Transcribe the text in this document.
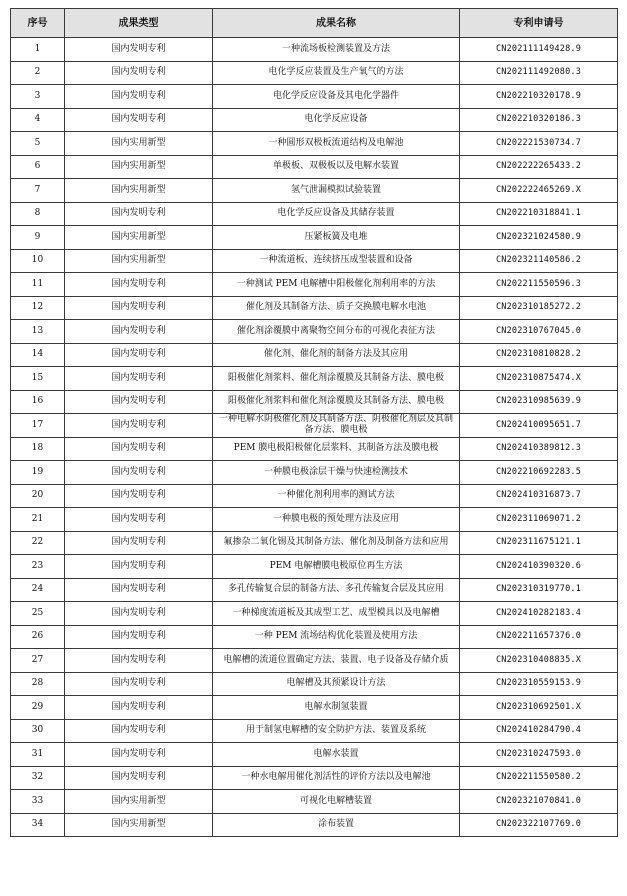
序号	成果类型	成果名称	专利申请号
1	国内发明专利	一种流场板检测装置及方法	CN202111149428.9
2	国内发明专利	电化学反应装置及生产氧气的方法	CN202111492080.3
3	国内发明专利	电化学反应设备及其电化学器件	CN202210320178.9
4	国内发明专利	电化学反应设备	CN202210320186.3
5	国内实用新型	一种圆形双极板流道结构及电解池	CN202221530734.7
6	国内实用新型	单极板、双极板以及电解水装置	CN202222265433.2
7	国内实用新型	氢气泄漏模拟试验装置	CN202222465269.X
8	国内发明专利	电化学反应设备及其储存装置	CN202210318841.1
9	国内实用新型	压紧板簧及电堆	CN202321024580.9
10	国内实用新型	一种流道板、连续挤压成型装置和设备	CN202321140586.2
11	国内发明专利	一种测试 PEM 电解槽中阳极催化剂利用率的方法	CN202211550596.3
12	国内发明专利	催化剂及其制备方法、质子交换膜电解水电池	CN202310185272.2
13	国内发明专利	催化剂涂覆膜中离聚物空间分布的可视化表征方法	CN202310767045.0
14	国内发明专利	催化剂、催化剂的制备方法及其应用	CN202310810828.2
15	国内发明专利	阳极催化剂浆料、催化剂涂覆膜及其制备方法、膜电极	CN202310875474.X
16	国内发明专利	阳极催化剂浆料和催化剂涂覆膜及其制备方法、膜电极	CN202310985639.9
17	国内发明专利	一种电解水阴极催化剂及其制备方法、阴极催化剂层及其制备方法、膜电极	CN202410095651.7
18	国内发明专利	PEM 膜电极阳极催化层浆料、其制备方法及膜电极	CN202410389812.3
19	国内发明专利	一种膜电极涂层干燥与快速检测技术	CN202210692283.5
20	国内发明专利	一种催化剂利用率的测试方法	CN202410316873.7
21	国内发明专利	一种膜电极的预处理方法及应用	CN202311069071.2
22	国内发明专利	氟掺杂二氧化锡及其制备方法、催化剂及制备方法和应用	CN202311675121.1
23	国内发明专利	PEM 电解槽膜电极原位再生方法	CN202410390320.6
24	国内发明专利	多孔传输复合层的制备方法、多孔传输复合层及其应用	CN202310319770.1
25	国内发明专利	一种梯度流道板及其成型工艺、成型模具以及电解槽	CN202410282183.4
26	国内发明专利	一种 PEM 流场结构优化装置及使用方法	CN202211657376.0
27	国内发明专利	电解槽的流道位置确定方法、装置、电子设备及存储介质	CN202310408835.X
28	国内发明专利	电解槽及其预紧设计方法	CN202310559153.9
29	国内发明专利	电解水制氢装置	CN202310692501.X
30	国内发明专利	用于制氢电解槽的安全防护方法、装置及系统	CN202410284790.4
31	国内发明专利	电解水装置	CN202310247593.0
32	国内发明专利	一种水电解用催化剂活性的评价方法以及电解池	CN202211550580.2
33	国内实用新型	可视化电解槽装置	CN202321070841.0
34	国内实用新型	涂布装置	CN202322107769.0
